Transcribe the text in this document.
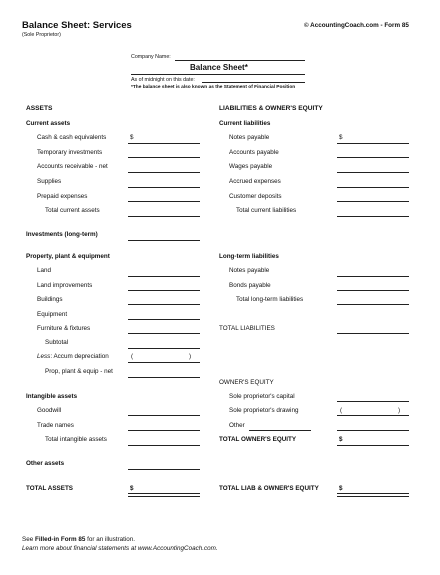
Balance Sheet: Services
(Sole Proprietor)
© AccountingCoach.com - Form 85
Company Name:
Balance Sheet*
As of midnight on this date:
*The balance sheet is also known as the Statement of Financial Position
ASSETS
Current assets
Cash & cash equivalents	$
Temporary investments
Accounts receivable - net
Supplies
Prepaid expenses
Total current assets
Investments (long-term)
Property, plant & equipment
Land
Land improvements
Buildings
Equipment
Furniture & fixtures
Subtotal
Less: Accum depreciation	(	)
Prop, plant & equip - net
Intangible assets
Goodwill
Trade names
Total intangible assets
Other assets
TOTAL ASSETS	$
LIABILITIES & OWNER'S EQUITY
Current liabilities
Notes payable	$
Accounts payable
Wages payable
Accrued expenses
Customer deposits
Total current liabilities
Long-term liabilities
Notes payable
Bonds payable
Total long-term liabilities
TOTAL LIABILITIES
OWNER'S EQUITY
Sole proprietor's capital
Sole proprietor's drawing	(	)
Other
TOTAL OWNER'S EQUITY	$
TOTAL LIAB & OWNER'S EQUITY	$
See Filled-in Form 85 for an illustration.
Learn more about financial statements at www.AccountingCoach.com.
